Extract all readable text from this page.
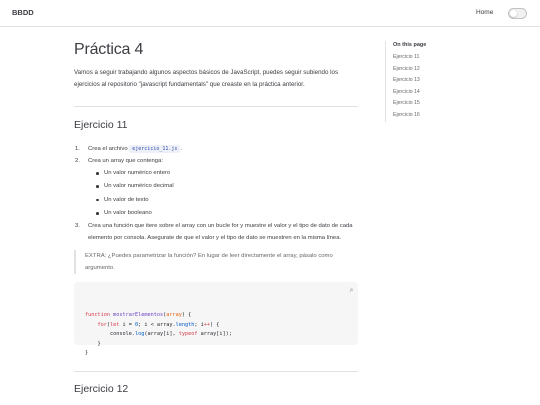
BBDD	Home
Práctica 4

Vamos a seguir trabajando algunos aspectos básicos de JavaScript, puedes seguir subiendo los ejercicios al repositorio "javascript fundamentals" que creaste en la práctica anterior.

Ejercicio 11
1. Crea el archivo ejercicio_11.js .
2. Crea un array que contenga:
Un valor numérico entero
Un valor numérico decimal
Un valor de texto
Un valor booleano
3. Crea una función que itere sobre el array con un bucle for y muestre el valor y el tipo de dato de cada elemento por consola. Asegurate de que el valor y el tipo de dato se muestren en la misma línea.
EXTRA: ¿Puedes parametrizar la función? En lugar de leer directamente el array, pásalo como argumento.

js
function mostrarElementos(array) {
for(let i = 0; i < array.length; i++) {
console.log(array[i], typeof array[i]);
}
}

Ejercicio 12
On this page
Ejercicio 11
Ejercicio 12
Ejercicio 13
Ejercicio 14
Ejercicio 15
Ejercicio 16
